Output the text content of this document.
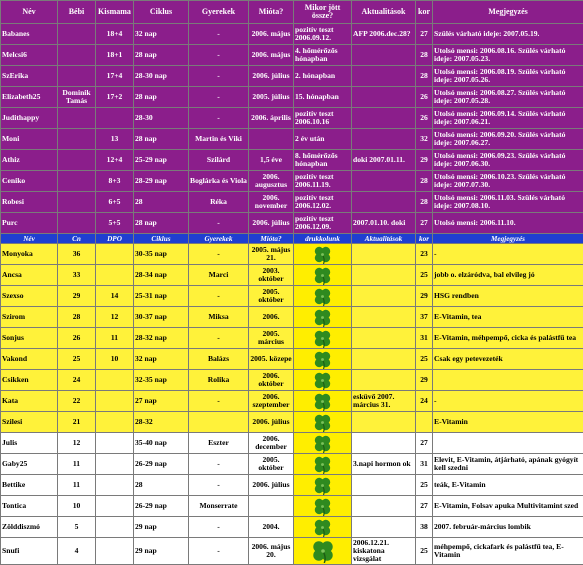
Név	Bébi	Kismama	Ciklus	Gyerekek	Mióta?	Mikor jött össze?	Aktualitások	kor	Megjegyzés
Babanes		18+4	32 nap	-	2006. május	pozitív teszt 2006.09.12.	AFP 2006.dec.28?	27	Szülés várható ideje: 2007.05.19.
Melcsi6		18+1	28 nap	-	2006. május	4. hőmérőzős hónapban		28	Utolsó mensi: 2006.08.16. Szülés várható ideje: 2007.05.23.
SzErika		17+4	28-30 nap	-	2006. július	2. hónapban		28	Utolsó mensi: 2006.08.19. Szülés várható ideje: 2007.05.26.
Elizabeth25	Dominik Tamás	17+2	28 nap	-	2005. július	15. hónapban		26	Utolsó mensi: 2006.08.27. Szülés várható ideje: 2007.05.28.
Judithappy			28-30	-	2006. április	pozitív teszt 2006.10.16		26	Utolsó mensi: 2006.09.14. Szülés várható ideje: 2007.06.21.
Moni		13	28 nap	Martin és Viki		2 év után		32	Utolsó mensi: 2006.09.20. Szülés várható ideje: 2007.06.27.
Athiz		12+4	25-29 nap	Szilárd	1,5 éve	8. hőmérőzős hónapban	doki 2007.01.11.	29	Utolsó mensi: 2006.09.23. Szülés várható ideje: 2007.06.30.
Ceniko		8+3	28-29 nap	Boglárka és Viola	2006. augusztus	pozitív teszt 2006.11.19.		28	Utolsó mensi: 2006.10.23. Szülés várható ideje: 2007.07.30.
Robesi		6+5	28	Réka	2006. november	pozitív teszt 2006.12.02.		28	Utolsó mensi: 2006.11.03. Szülés várható ideje: 2007.08.10.
Purc		5+5	28 nap	-	2006. július	pozitív teszt 2006.12.09.	2007.01.10. doki	27	Utolsó mensi: 2006.11.10.
Név	Cn	DPO	Ciklus	Gyerekek	Mióta?	drukkolunk	Aktualitások	kor	Megjegyzés
Monyoka	36		30-35 nap	-	2005. május 21.			23	-
Ancsa	33		28-34 nap	Marci	2003. október			25	jobb o. elzáródva, bal elvileg jó
Szexso	29	14	25-31 nap	-	2005. október			29	HSG rendben
Szirom	28	12	30-37 nap	Miksa	2006.			37	E-Vitamin, tea
Sonjus	26	11	28-32 nap	-	2005. március			31	E-Vitamin, méhpempő, cicka és palástfű tea
Vakond	25	10	32 nap	Balázs	2005. közepe			25	Csak egy petevezeték
Csikken	24		32-35 nap	Rolika	2006. október			29	
Kata	22		27 nap	-	2006. szeptember		esküvő 2007. március 31.	24	-
Szilesi	21		28-32		2006. július				E-Vitamin
Julis	12		35-40 nap	Eszter	2006. december			27	
Gaby25	11		26-29 nap	-	2005. október		3.napi hormon ok	31	Elevit, E-Vitamin, átjárható, apának gyógyít kell szedni
Bettike	11		28	-	2006. július			25	teák, E-Vitamin
Tontica	10		26-29 nap	Monserrate				27	E-Vitamin, Folsav apuka Multivitamint szed
Zölddiszmó	5		29 nap	-	2004.			38	2007. február-március lombik
Snufi	4		29 nap	-	2006. május 20.		2006.12.21. kiskatona vizsgálat	25	méhpempő, cickafark és palástfű tea, E-Vitamin
